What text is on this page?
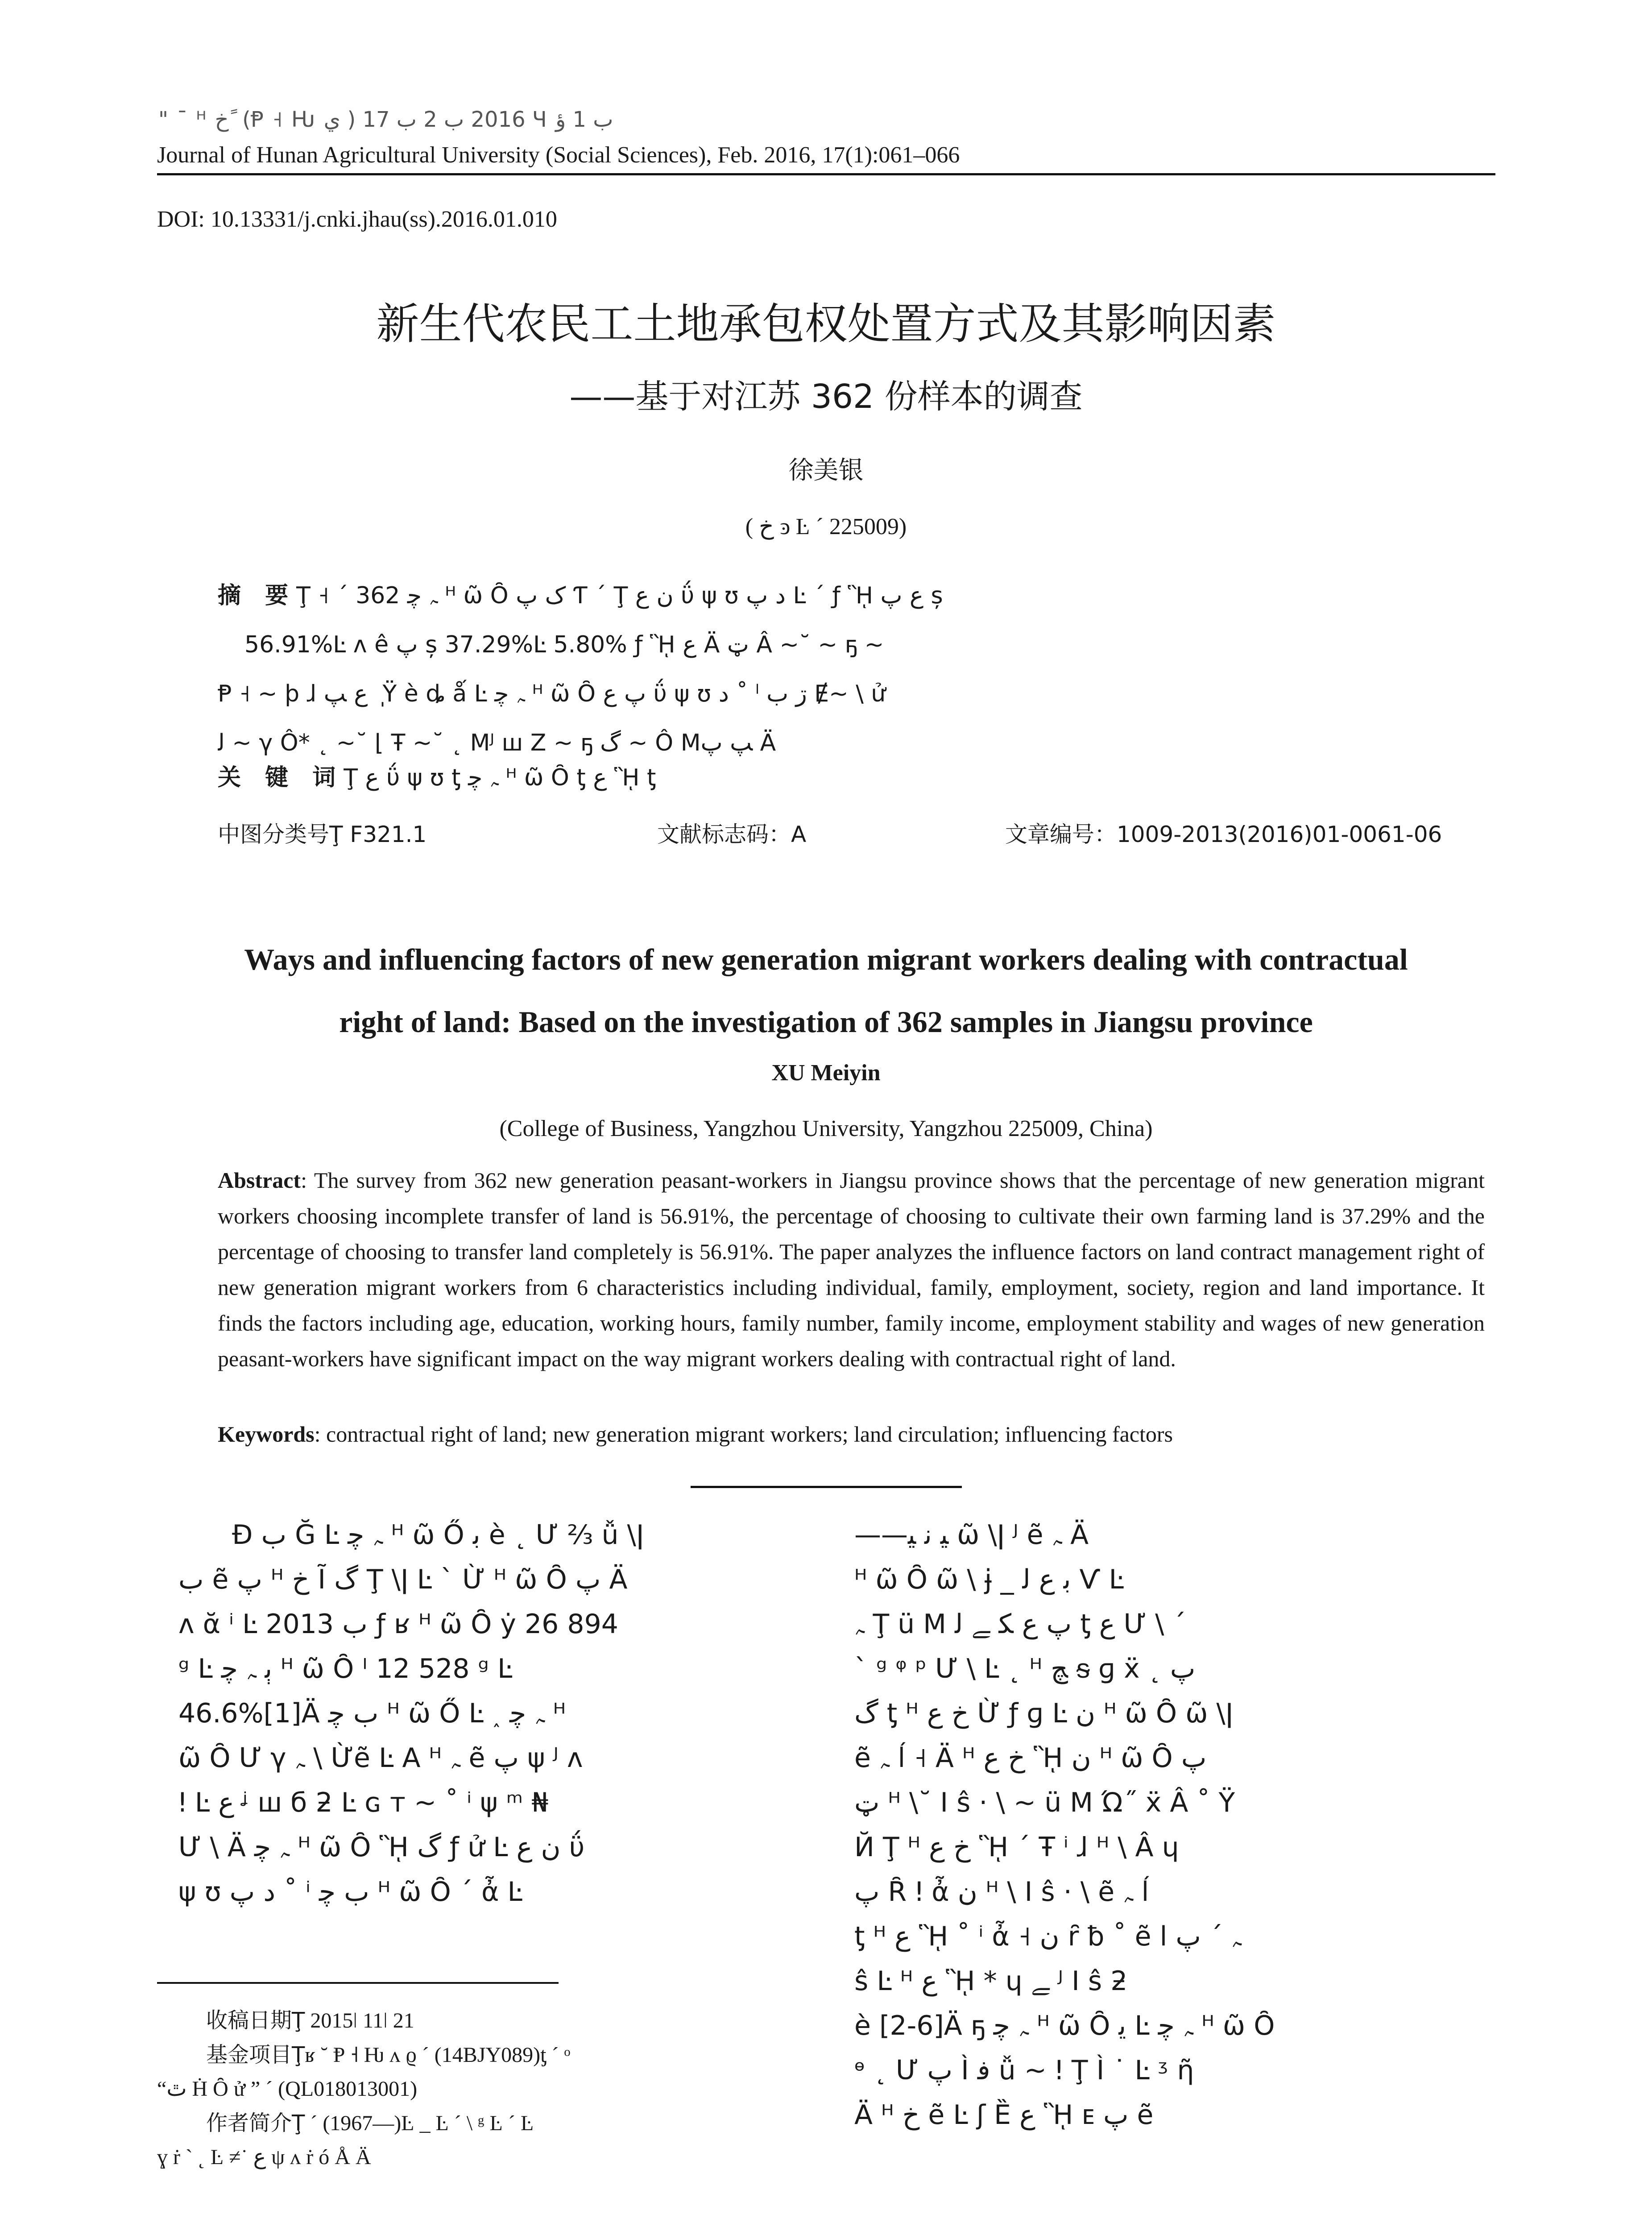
" ¯ ᴴ خ ً (Ᵽ ˧ Ƕ ي ) 2016 ب 2 ب 17 Ɥ ب 1 ؤ
Journal of Hunan Agricultural University (Social Sciences), Feb. 2016, 17(1):061–066
DOI: 10.13331/j.cnki.jhau(ss).2016.01.010
新生代农民工土地承包权处置方式及其影响因素
——基于对江苏 362 份样本的调查
徐美银
( خ ͽ Ŀ ´ 225009)
摘 要Ţ ˧ ´ 362 ﮧ ﭼ ᴴ ῶ Ȏ ک ﭖ Ƭ ´ Ţ ﻥ ﻉ ΰ ψ ʊ ﺩ ﭖ Ŀ ´ ƒ ᾛ ﻉ ﭖ ș
56.91%Ŀ ᴧ ê ﭖ ș 37.29%Ŀ 5.80% ƒ ᾛ ﻉ Ä ټ Â ~˘ ~ ҕ ~
Ᵽ ˧ ~ ϸ ɺ ﻉ ﭗ ֽ Ÿ è ȡ ǻ Ŀ ﮧ ﭼ ᴴ ῶ Ȏ ﭖ ﻉ ΰ ψ ʊ ﺩ ˚ ˡ ڗ ب Ɇ~ \ ử
ﻟ ~ γ Ô* ˛ ~˘ ⌊ Ŧ ~˘ ˛ Mᴶ ꟺ Z ~ ҕ گ ~ Ô Mﭗ ﭖ Ä
关 键 词Ţ ﻉ ΰ ψ ʊ ƫ ﮧ ﭼ ᴴ ῶ Ȏ ƫ ﻉ ᾛ ƫ
中图分类号Ţ F321.1	文献标志码：A	文章编号：1009-2013(2016)01-0061-06
Ways and influencing factors of new generation migrant workers dealing with contractual
right of land: Based on the investigation of 362 samples in Jiangsu province
XU Meiyin
(College of Business, Yangzhou University, Yangzhou 225009, China)
Abstract: The survey from 362 new generation peasant-workers in Jiangsu province shows that the percentage of new generation migrant workers choosing incomplete transfer of land is 56.91%, the percentage of choosing to cultivate their own farming land is 37.29% and the percentage of choosing to transfer land completely is 56.91%. The paper analyzes the influence factors on land contract management right of new generation migrant workers from 6 characteristics including individual, family, employment, society, region and land importance. It finds the factors including age, education, working hours, family number, family income, employment stability and wages of new generation peasant-workers have significant impact on the way migrant workers dealing with contractual right of land.
Keywords: contractual right of land; new generation migrant workers; land circulation; influencing factors
Ɖ ب Ğ Ŀ ﮧ ﭼ ᴴ ῶ Ő ﺑ è ˛ Ư ⅔ ǚ \ǀ
ب ẽ ﭖ ᴴ ﺥ Ĩ گ Ţ \ǀ Ŀ ` Ừ ᴴ ῶ Ȏ ﭖ Ä
ᴧ ᾰ ⁱ Ŀ 2013 ب ƒ ʁ ᴴ ῶ Ȏ ẏ 26 894
ᵍ Ŀ ﭔ ﮧ ﭼ ᴴ ῶ Ȏ ᴵ 12 528 ᵍ Ŀ
46.6%[1]Ä ﺏ ﭼ ᴴ ῶ Ő Ŀ ˰ ﮧ ﭼ ᴴ
ῶ Ȏ Ư γ ﮧ \ Ừẽ Ŀ A ᴴ ﮧ ẽ ﭖ ψ ᴶ ᴧ
ǃ Ŀ ﻉ ᶨ ꟺ б ƻ Ŀ ɢ ᴛ ~ ˚ ⁱ ψ ᵐ ₦
Ư \ Ä ﮧ ﭼ ᴴ ῶ Ȏ ᾛ گ ƒ ử Ŀ ﻥ ﻉ ΰ
ψ ʊ ﺩ ﭖ ˚ ⁱ ﺏ ﭼ ᴴ ῶ Ȏ ´ ἆ Ŀ
——ﻴ ﻧ ﻴ ῶ \ǀ ᴶ ẽ ﮧ Ä
ᴴ ῶ Ȏ ῶ \ ɉ _ ﺑ ﻉ ﻟ Ѵ Ŀ
ﮧ Ţ ü M ﭖ ﻉ ﮑ ﮯ ﻟ ƫ ﻉ Ư \ ´
ˋ ᵍ ᵠ ᵖ Ư \ Ŀ ˛ ᴴ ﭻ ᵴ ɡ ẍ ˛ ﭖ
گ ƫ ᴴ ﺥ ﻉ Ừ ƒ ɡ Ŀ ﻥ ᴴ ῶ Ȏ ῶ \ǀ
ẽ ﮧ ĺ ˧ Ä ᴴ ﺥ ﻉ ᾛ ﻥ ᴴ ῶ Ȏ ﭖ
ټ ᴴ \˘ I ŝ · \ ~ ü M Ώ˝ ẍ Â ˚ Ÿ
Й Ţ ᴴ ﺥ ﻉ ᾛ ´ Ŧ ⁱ ɺ ᴴ \ Â ɥ
ﭖ Ȓ ǃ ἆ ﻥ ᴴ \ I ŝ · \ ẽ ﮧ ĺ
ƫ ᴴ ﻉ ᾛ ˚ ⁱ ἆ ˧ ﻥ ȓ ƀ ˚ ẽ ﮧ ´ ﭖ ا
ŝ Ŀ ᴴ ﻉ ᾛ * ɥ ﮯ ᴶ I ŝ ƻ
è [2-6]Ä ҕ ﮧ ﭼ ᴴ ῶ Ȏ ﻳ Ŀ ﮧ ﭼ ᴴ ῶ Ȏ
ᶱ ˛ Ư ﭖ Ì ﻓ ǚ ~ ǃ Ţ Ì ˙ Ŀ ᶾ ῆ
Ä ᴴ ﺥ ẽ Ŀ ʃ Ȅ ﻉ ᾛ ᴇ ﭖ ẽ
收稿日期Ţ 2015ǀ 11ǀ 21
基金项目Ţʁ ˘ Ᵽ ˧ Ƕ ᴧ ϱ ´ (14BJY089)ƫ ´ ᵒ
“ٿ Ḣ Ȏ ử ” ´ (QL018013001)
作者简介Ţ ´ (1967—)Ŀ _ Ŀ ´ \ ᵍ Ŀ ´ Ŀ
ɣ ṙ ` ˛ Ŀ ≠˙ ﻉ ψ ᴧ ṙ ó Å Ä
